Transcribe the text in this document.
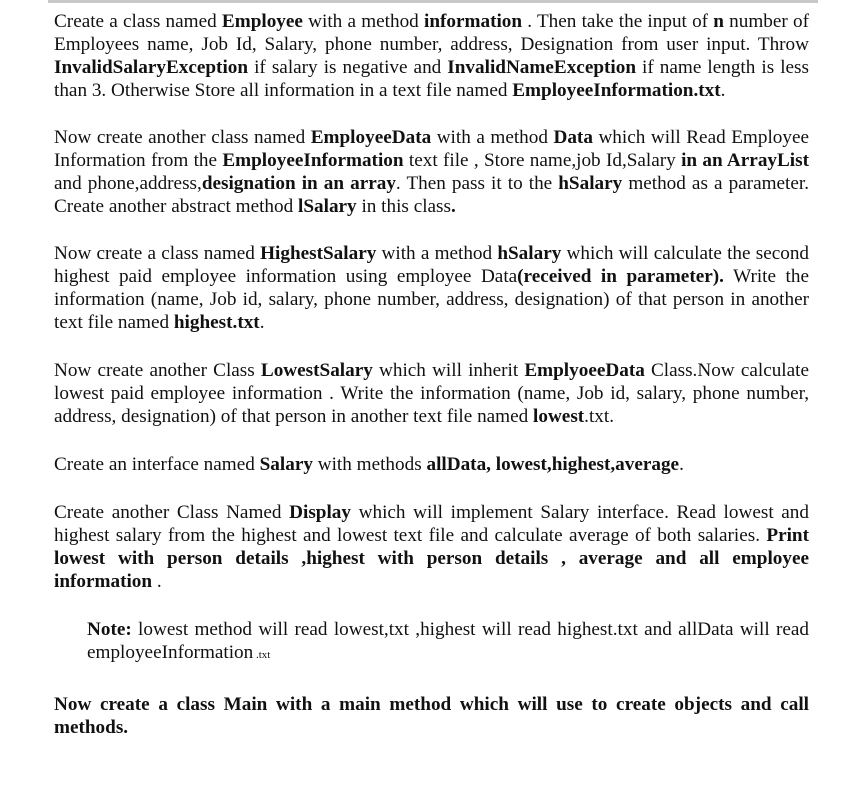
Create a class named Employee with a method information . Then take the input of n number of Employees name, Job Id, Salary, phone number, address, Designation from user input. Throw InvalidSalaryException if salary is negative and InvalidNameException if name length is less than 3. Otherwise Store all information in a text file named EmployeeInformation.txt.

Now create another class named EmployeeData with a method Data which will Read Employee Information from the EmployeeInformation text file , Store name,job Id,Salary in an ArrayList and phone,address,designation in an array. Then pass it to the hSalary method as a parameter. Create another abstract method lSalary in this class.

Now create a class named HighestSalary with a method hSalary which will calculate the second highest paid employee information using employee Data(received in parameter). Write the information (name, Job id, salary, phone number, address, designation) of that person in another text file named highest.txt.

Now create another Class LowestSalary which will inherit EmplyoeeData Class.Now calculate lowest paid employee information . Write the information (name, Job id, salary, phone number, address, designation) of that person in another text file named lowest.txt.

Create an interface named Salary with methods allData, lowest,highest,average.

Create another Class Named Display which will implement Salary interface. Read lowest and highest salary from the highest and lowest text file and calculate average of both salaries. Print lowest with person details ,highest with person details , average and all employee information .

Note: lowest method will read lowest,txt ,highest will read highest.txt and allData will read employeeInformation .txt

Now create a class Main with a main method which will use to create objects and call methods.
